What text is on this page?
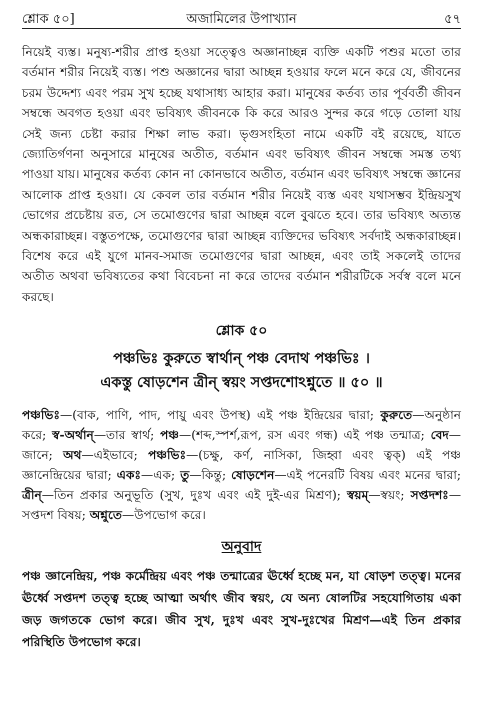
শ্লোক ৫০]	অজামিলের উপাখ্যান	৫৭

নিয়েই ব্যস্ত। মনুষ্য-শরীর প্রাপ্ত হওয়া সত্ত্বেও অজ্ঞানাচ্ছন্ন ব্যক্তি একটি পশুর মতো তার বর্তমান শরীর নিয়েই ব্যস্ত। পশু অজ্ঞানের দ্বারা আচ্ছন্ন হওয়ার ফলে মনে করে যে, জীবনের চরম উদ্দেশ্য এবং পরম সুখ হচ্ছে যথাসাধ্য আহার করা। মানুষের কর্তব্য তার পূর্ববর্তী জীবন সম্বন্ধে অবগত হওয়া এবং ভবিষ্যৎ জীবনকে কি করে আরও সুন্দর করে গড়ে তোলা যায় সেই জন্য চেষ্টা করার শিক্ষা লাভ করা। ভৃগুসংহিতা নামে একটি বই রয়েছে, যাতে জ্যোতির্গণনা অনুসারে মানুষের অতীত, বর্তমান এবং ভবিষ্যৎ জীবন সম্বন্ধে সমস্ত তথ্য পাওয়া যায়। মানুষের কর্তব্য কোন না কোনভাবে অতীত, বর্তমান এবং ভবিষ্যৎ সম্বন্ধে জ্ঞানের আলোক প্রাপ্ত হওয়া। যে কেবল তার বর্তমান শরীর নিয়েই ব্যস্ত এবং যথাসম্ভব ইন্দ্রিয়সুখ ভোগের প্রচেষ্টায় রত, সে তমোগুণের দ্বারা আচ্ছন্ন বলে বুঝতে হবে। তার ভবিষ্যৎ অত্যন্ত অন্ধকারাচ্ছন্ন। বস্তুতপক্ষে, তমোগুণের দ্বারা আচ্ছন্ন ব্যক্তিদের ভবিষ্যৎ সর্বদাই অন্ধকারাচ্ছন্ন। বিশেষ করে এই যুগে মানব-সমাজ তমোগুণের দ্বারা আচ্ছন্ন, এবং তাই সকলেই তাদের অতীত অথবা ভবিষ্যতের কথা বিবেচনা না করে তাদের বর্তমান শরীরটিকে সর্বস্ব বলে মনে করছে।

শ্লোক ৫০
পঞ্চভিঃ কুরুতে স্বার্থান্ পঞ্চ বেদাথ পঞ্চভিঃ ।
একস্তু ষোড়শেন ত্রীন্ স্বয়ং সপ্তদশোঽশ্নুতে ॥ ৫০ ॥

পঞ্চভিঃ—(বাক, পাণি, পাদ, পায়ু এবং উপস্থ) এই পঞ্চ ইন্দ্রিয়ের দ্বারা; কুরুতে—অনুষ্ঠান করে; স্ব-অর্থান্—তার স্বার্থ; পঞ্চ—(শব্দ,স্পর্শ,রূপ, রস এবং গন্ধ) এই পঞ্চ তন্মাত্র; বেদ—জানে; অথ—এইভাবে; পঞ্চভিঃ—(চক্ষু, কর্ণ, নাসিকা, জিহ্বা এবং ত্বক্) এই পঞ্চ জ্ঞানেন্দ্রিয়ের দ্বারা; একঃ—এক; তু—কিন্তু; ষোড়শেন—এই পনেরটি বিষয় এবং মনের দ্বারা; ত্রীন্—তিন প্রকার অনুভূতি (সুখ, দুঃখ এবং এই দুই-এর মিশ্রণ); স্বয়ম্—স্বয়ং; সপ্তদশঃ—সপ্তদশ বিষয়; অশ্নুতে—উপভোগ করে।

অনুবাদ

পঞ্চ জ্ঞানেন্দ্রিয়, পঞ্চ কর্মেন্দ্রিয় এবং পঞ্চ তন্মাত্রের ঊর্ধ্বে হচ্ছে মন, যা ষোড়শ তত্ত্ব। মনের ঊর্ধ্বে সপ্তদশ তত্ত্ব হচ্ছে আত্মা অর্থাৎ জীব স্বয়ং, যে অন্য ষোলটির সহযোগিতায় একা জড় জগতকে ভোগ করে। জীব সুখ, দুঃখ এবং সুখ-দুঃখের মিশ্রণ—এই তিন প্রকার পরিস্থিতি উপভোগ করে।
